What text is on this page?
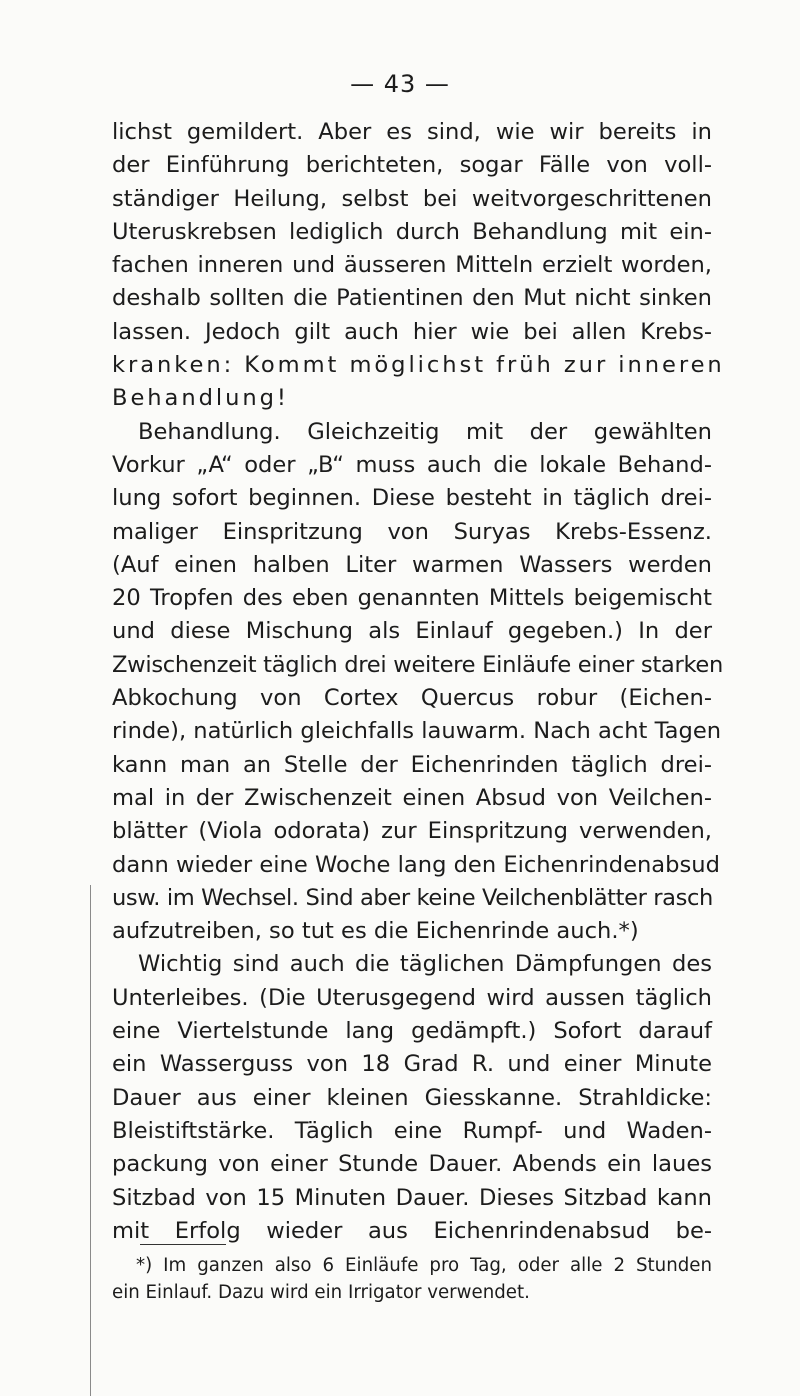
— 43 —
lichst gemildert. Aber es sind, wie wir bereits in
der Einführung berichteten, sogar Fälle von voll-
ständiger Heilung, selbst bei weitvorgeschrittenen
Uteruskrebsen lediglich durch Behandlung mit ein-
fachen inneren und äusseren Mitteln erzielt worden,
deshalb sollten die Patientinen den Mut nicht sinken
lassen. Jedoch gilt auch hier wie bei allen Krebs-
kranken: Kommt möglichst früh zur inneren
Behandlung!
Behandlung. Gleichzeitig mit der gewählten
Vorkur „A“ oder „B“ muss auch die lokale Behand-
lung sofort beginnen. Diese besteht in täglich drei-
maliger Einspritzung von Suryas Krebs-Essenz.
(Auf einen halben Liter warmen Wassers werden
20 Tropfen des eben genannten Mittels beigemischt
und diese Mischung als Einlauf gegeben.) In der
Zwischenzeit täglich drei weitere Einläufe einer starken
Abkochung von Cortex Quercus robur (Eichen-
rinde), natürlich gleichfalls lauwarm. Nach acht Tagen
kann man an Stelle der Eichenrinden täglich drei-
mal in der Zwischenzeit einen Absud von Veilchen-
blätter (Viola odorata) zur Einspritzung verwenden,
dann wieder eine Woche lang den Eichenrindenabsud
usw. im Wechsel. Sind aber keine Veilchenblätter rasch
aufzutreiben, so tut es die Eichenrinde auch.*)
Wichtig sind auch die täglichen Dämpfungen des
Unterleibes. (Die Uterusgegend wird aussen täglich
eine Viertelstunde lang gedämpft.) Sofort darauf
ein Wasserguss von 18 Grad R. und einer Minute
Dauer aus einer kleinen Giesskanne. Strahldicke:
Bleistiftstärke. Täglich eine Rumpf- und Waden-
packung von einer Stunde Dauer. Abends ein laues
Sitzbad von 15 Minuten Dauer. Dieses Sitzbad kann
mit Erfolg wieder aus Eichenrindenabsud be-
*) Im ganzen also 6 Einläufe pro Tag, oder alle 2 Stunden
ein Einlauf. Dazu wird ein Irrigator verwendet.
